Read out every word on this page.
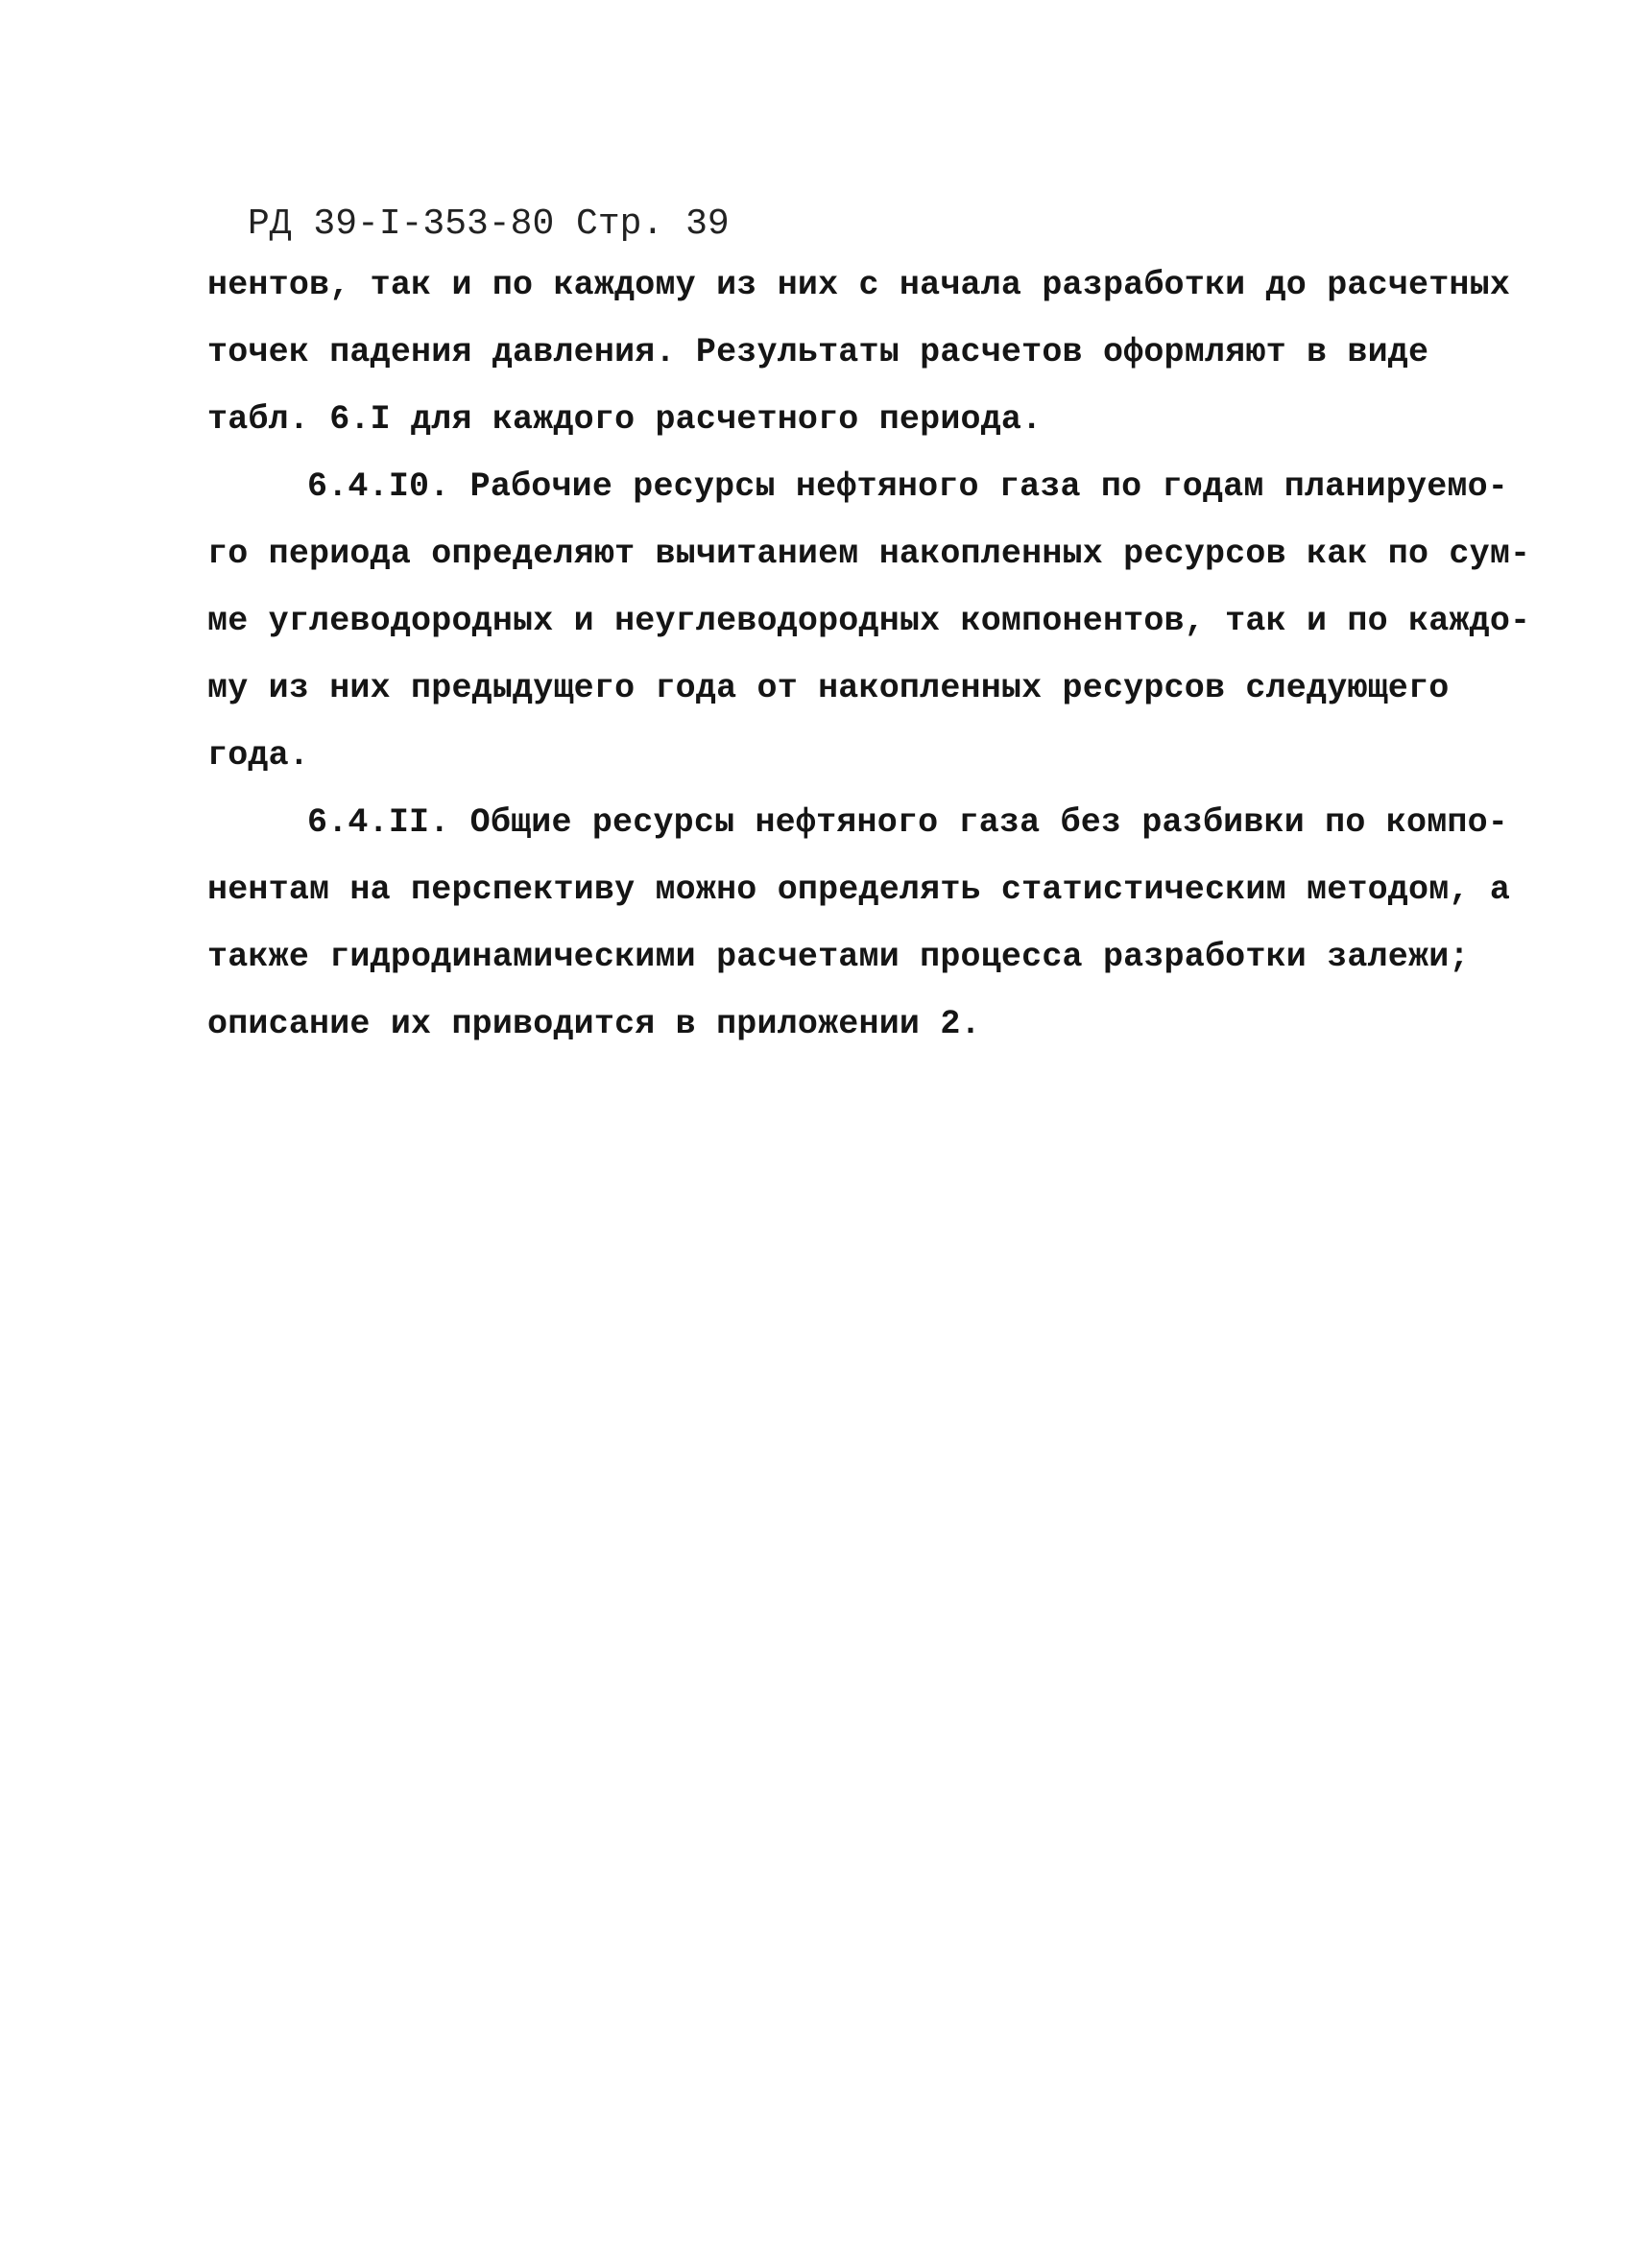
РД 39-I-353-80 Стр. 39
нентов, так и по каждому из них с начала разработки до расчетных
точек падения давления. Результаты расчетов оформляют в виде
табл. 6.I для каждого расчетного периода.
6.4.I0. Рабочие ресурсы нефтяного газа по годам планируемо-
го периода определяют вычитанием накопленных ресурсов как по сум-
ме углеводородных и неуглеводородных компонентов, так и по каждо-
му из них предыдущего года от накопленных ресурсов следующего
года.
6.4.II. Общие ресурсы нефтяного газа без разбивки по компо-
нентам на перспективу можно определять статистическим методом, а
также гидродинамическими расчетами процесса разработки залежи;
описание их приводится в приложении 2.
